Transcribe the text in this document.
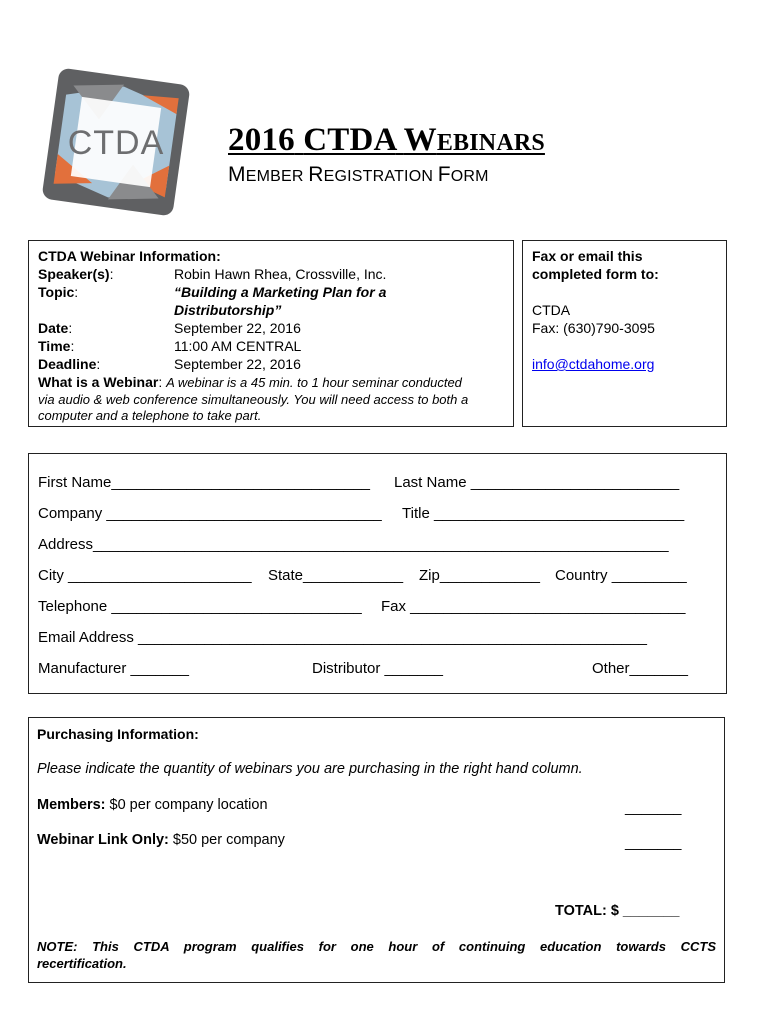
CTDA 2016 CTDA WEBINARS
MEMBER REGISTRATION FORM
CTDA Webinar Information:
Speaker(s):	Robin Hawn Rhea, Crossville, Inc.
Topic:	“Building a Marketing Plan for a
Distributorship”
Date:	September 22, 2016
Time:	11:00 AM CENTRAL
Deadline:	September 22, 2016
What is a Webinar: A webinar is a 45 min. to 1 hour seminar conducted
via audio & web conference simultaneously. You will need access to both a
computer and a telephone to take part.
Fax or email this
completed form to:
CTDA
Fax: (630)790-3095
info@ctdahome.org
First Name_______________________________ Last Name _________________________
Company _________________________________ Title ______________________________
Address_____________________________________________________________________
City ______________________ State____________ Zip____________ Country _________
Telephone ______________________________ Fax _________________________________
Email Address _____________________________________________________________
Manufacturer _______	Distributor _______	Other_______
Purchasing Information:
Please indicate the quantity of webinars you are purchasing in the right hand column.
Members: $0 per company location	_______
Webinar Link Only: $50 per company	_______
TOTAL: $ _______
NOTE: This CTDA program qualifies for one hour of continuing education towards CCTS
recertification.
